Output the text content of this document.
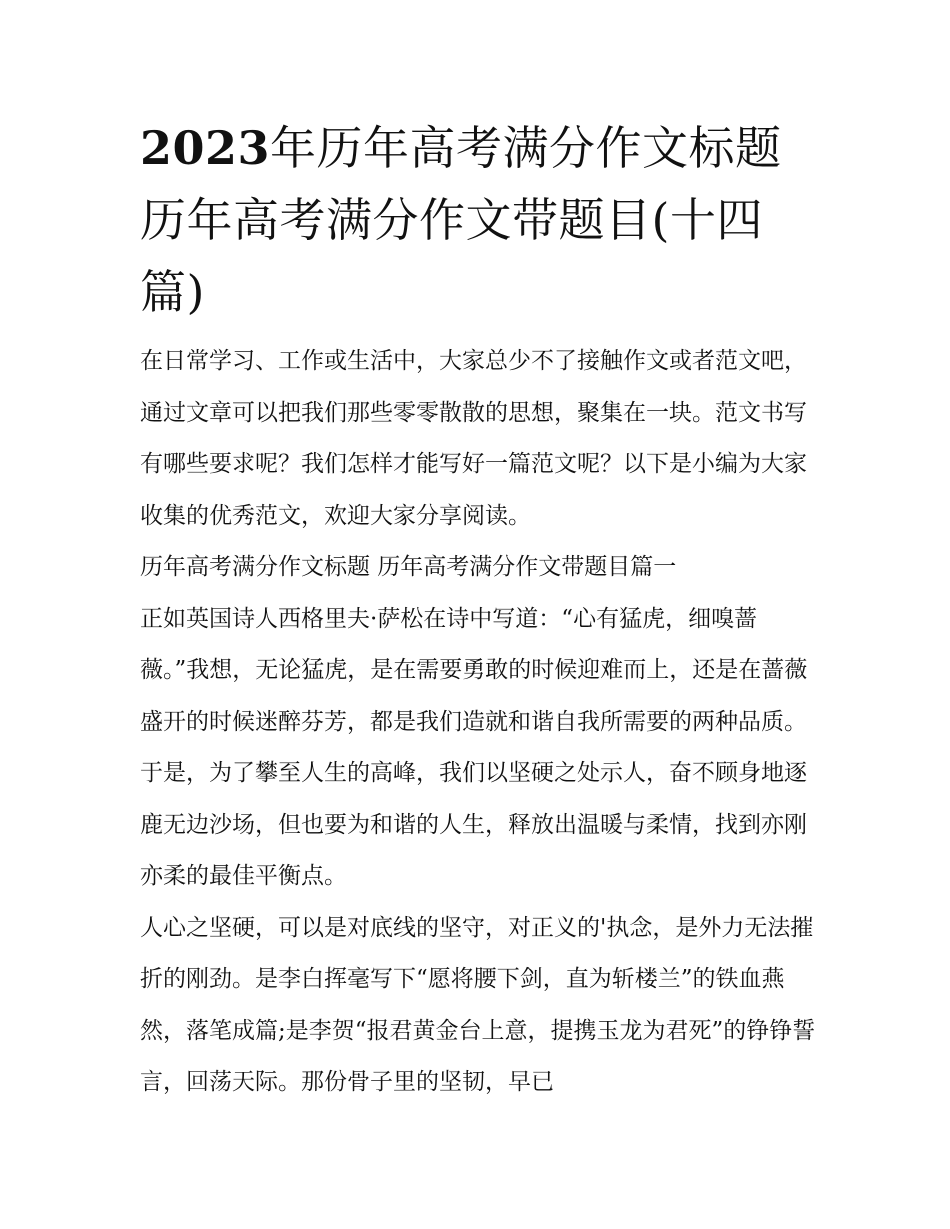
2023年历年高考满分作文标题历年高考满分作文带题目(十四篇)

在日常学习、工作或生活中，大家总少不了接触作文或者范文吧，通过文章可以把我们那些零零散散的思想，聚集在一块。范文书写有哪些要求呢？我们怎样才能写好一篇范文呢？以下是小编为大家收集的优秀范文，欢迎大家分享阅读。

历年高考满分作文标题 历年高考满分作文带题目篇一

正如英国诗人西格里夫·萨松在诗中写道：“心有猛虎，细嗅蔷薇。”我想，无论猛虎，是在需要勇敢的时候迎难而上，还是在蔷薇盛开的时候迷醉芬芳，都是我们造就和谐自我所需要的两种品质。于是，为了攀至人生的高峰，我们以坚硬之处示人，奋不顾身地逐鹿无边沙场，但也要为和谐的人生，释放出温暖与柔情，找到亦刚亦柔的最佳平衡点。

人心之坚硬，可以是对底线的坚守，对正义的'执念，是外力无法摧折的刚劲。是李白挥毫写下“愿将腰下剑，直为斩楼兰”的铁血燕然，落笔成篇;是李贺“报君黄金台上意，提携玉龙为君死”的铮铮誓言，回荡天际。那份骨子里的坚韧，早已
